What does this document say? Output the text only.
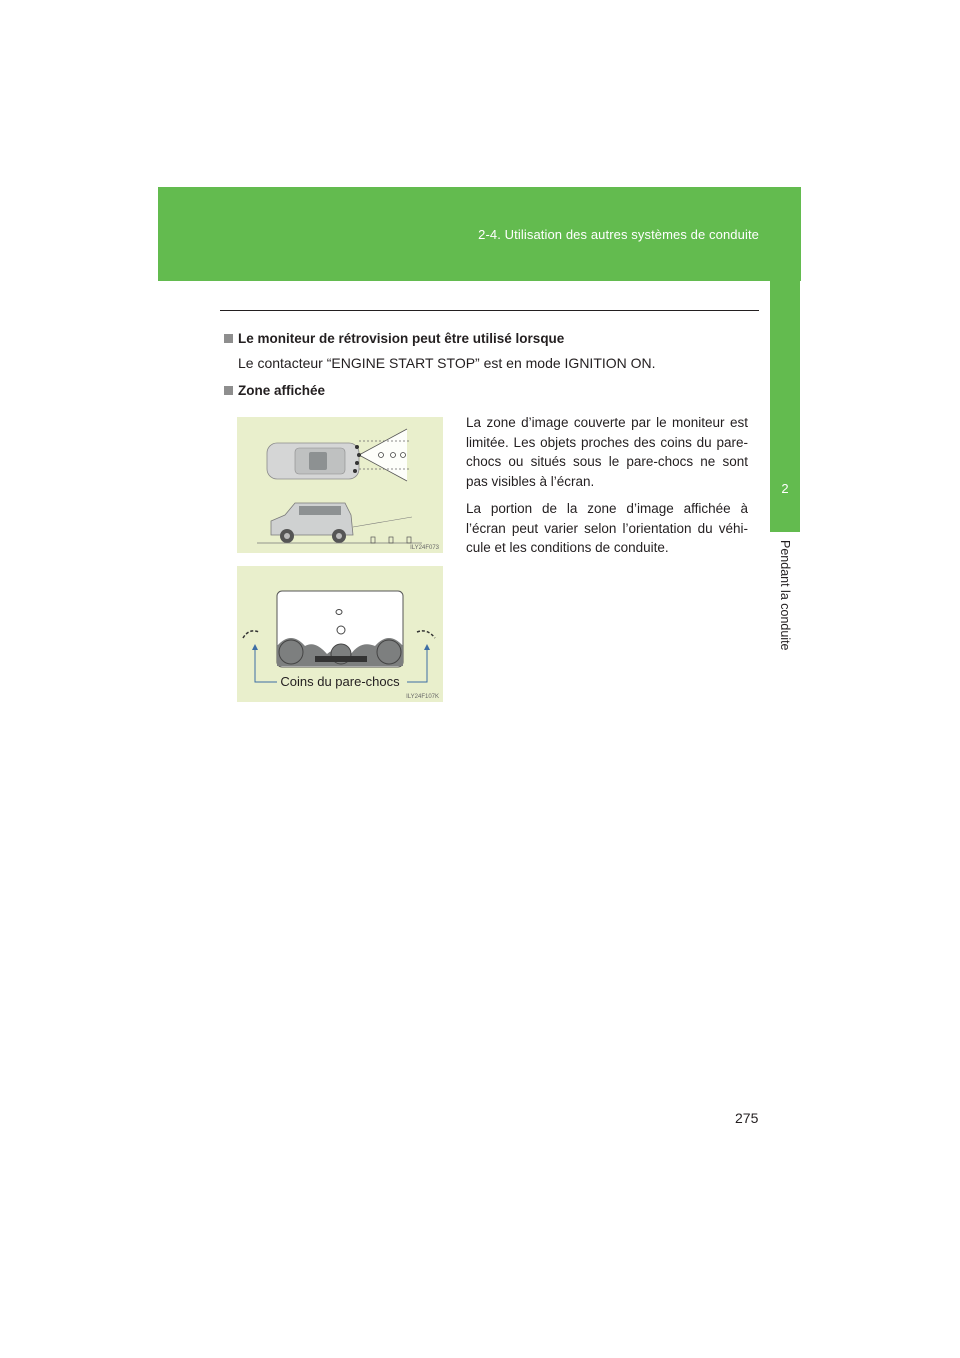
2-4. Utilisation des autres systèmes de conduite
2
Pendant la conduite
Le moniteur de rétrovision peut être utilisé lorsque
Le contacteur “ENGINE START STOP” est en mode IGNITION ON.
Zone affichée

La zone d’image couverte par le moniteur est limitée. Les objets proches des coins du pare-chocs ou situés sous le pare-chocs ne sont pas visibles à l’écran.

La portion de la zone d’image affichée à l’écran peut varier selon l’orientation du véhi-cule et les conditions de conduite.

ILY24F073
Coins du pare-chocs
ILY24F107K
275
